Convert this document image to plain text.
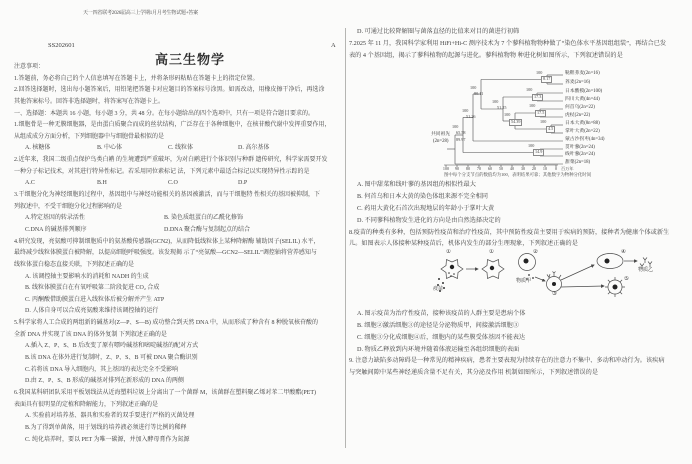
天一四省联考2026届高三上学期1月月考生物试题+答案
SS202601	A
高三生物学
注意事项：
1.答题前，务必将自己的个人信息填写在答题卡上，并将条形码粘贴在答题卡上的指定位置。
2.回答选择题时，选出每小题答案后，用铅笔把答题卡对应题目的答案标号涂黑。如需改动，用橡皮擦干净后，再选涂
其他答案标号。回答非选择题时，将答案写在答题卡上。
一、选择题：本题共 16 小题，每小题 3 分，共 48 分。在每小题给出的四个选项中，只有一项是符合题目要求的。
1.细胞骨是一种无膜细胞器，是由蛋白质聚合而成的丝状结构，广泛存在于各种细胞中，在核苷酸代谢中发挥重要作用，
从组成成分方面分析，下列细胞器中与细胞骨最相似的是
A. 核糖体	B. 中心体	C. 线粒体	D. 高尔基体
2.近年来，我国二级重点保护鸟类白鹇 的生境遭到严重破坏，为对白鹇进行个体识别与种群 遗传研究，科学家需要开发
一种分子标记技术，对其进行特异性标记。若采用同位素标记 法，下列元素中最适合标记以实现特异性示踪的是
A.C	B.H	C.O	D.P
3.干细胞分化为神经细胞的过程中，基因组中与神经功能相关的基因被激活，而与干细胞特 性相关的基因被抑制，下
列叙述中，不受干细胞分化过程影响的是
A.特定基因的转录活性	B. 染色质组蛋白的乙酰化修饰
C.DNA 的碱基排列顺序	D.DNA 聚合酶与复制起点的结合
4.研究发现，亮氨酸可抑制细胞质中的氨基酸传感器(GCN2)，从而降低线粒体上某种降解酶 辅助因子(SELIL) 水平，
最终减少线粒体膜蛋白被降解，以提高细胞呼吸强度。该发现揭 示了“亮氨酸—GCN2—SELIL”调控轴将营养感知与
线粒体蛋白稳态直接关联，下列叙述正确的是
A. 该调控轴主要影响水的消耗和 NADH 的生成
B. 线粒体膜蛋白在有氧呼吸第二阶段促进 CO₂ 合成
C. 丙酮酸借助膜蛋白进入线粒体后被分解并产生 ATP
D. 人体自身可以合成亮氨酸来维持该调控轴的运行
5.科学家将人工合成的两组新的碱基对(Z—P、S—B) 成功整合到天然 DNA 中，从而形成了种含有 8 种脱氧核苷酸的
全新 DNA 并实现了该 DNA 的体外复制 下列叙述正确的是
A.插入 Z、P、S、B 后改变了原有嘌呤碱基和嘧啶碱基的配对方式
B.该 DNA 在体外进行复制时，Z、P、S、B 可被 DNA 聚合酶识别
C.若将该 DNA 导入细胞内，其上基因的表达完全不受影响
D.由 Z、P、S、B 形成的碱基对排列在新形成的 DNA 的两侧
6.我国某科研团队采用平板划线法从近海塑料垃圾上分离出了一个菌群 M，该菌群在塑料聚乙烯对苯二甲酸酯(PET)
表面具有很明显的定植和降解能力，下列叙述正确的是
A. 实验前对培养基、器具和实验者的双手要进行严格的灭菌处理
B.为了得到单菌落，用于划线的培养液必须进行等比例的稀释
C. 纯化培养时，要以 PET 为唯一碳源，并加入酵母膏作为氮源
D. 可通过比较降解圈与菌落直径的比值来对目的菌进行初筛
7.2025 年 11 月，我国科学家利用 HiFi+Hi-C 测序技术为 7 个蓼科植物物种做了“染色体水平基因组组装”，再结合已发
表的 4 个基因组，揭示了蓼科植物的起源与进化。蓼科植物物 种进化树如图所示，下列叙述错误的是
鞑靼荞麦(2n=16)
荞麦(2n=16)
日本酸模(2n=100)
四川大黄(4n=44)
何首乌(2n=22)
虎杖(2n=22)
日本大黄(8n=88)
掌叶大黄(2n=22)
蒙古沙拐枣(4n=34)
贯叶蓼(2n=24)
线叶蓼(2n=24)
甜菜(2n=18)
100
8.17
100
17.3
100
17.5
100
4.5
100
54.39
100
51.25
100
80.11
100
51.26
100
14.9
100
65.58
89.97
共同祖先
(2n=28)
100 90 80 70 60 50 40 30 20 10 0 百万年
图中每个分支节点的数值均为100，表明结果可靠；其他数字为物种分化时间
A. 图中甜菜和线叶蓼的基因组的相似性最大
B. 何首乌和日本大黄的染色体组来源不完全相同
C. 药用大黄化石首次出现地层的年龄小于掌叶大黄
D. 不同蓼科植物发生进化的方向是由自然选择决定的
8.疫苗的种类有多种，包括预防性疫苗和治疗性疫苗，其中预防性疫苗主要用于疾病的预防，接种者为健康个体或新生
儿。如图表示人体接种某种疫苗后，机体内发生的部分生理现象，下列叙述正确的是
①	①	②
③
④
⑤
疫苗
物质甲
物质乙
A. 图示疫苗为治疗性疫苗，接种该疫苗的人群主要是患病个体
B. 细胞②激活细胞③的途径是分泌物质甲，间接激活细胞③
C. 细胞③分化成细胞④后，细胞内的某些膜受体基因不能表达
D. 物质乙释放到内环境并随着体液运输至各组织细胞的表面
9. 注意力缺陷多动障碍是一种常见的精神疾病，患者主要表现为持续存在的注意力不集中、多动和冲动行为。该疾病
与突触间隙中某些神经递质含量不足有关，其分泌及作用 机制如图所示，下列叙述错误的是
